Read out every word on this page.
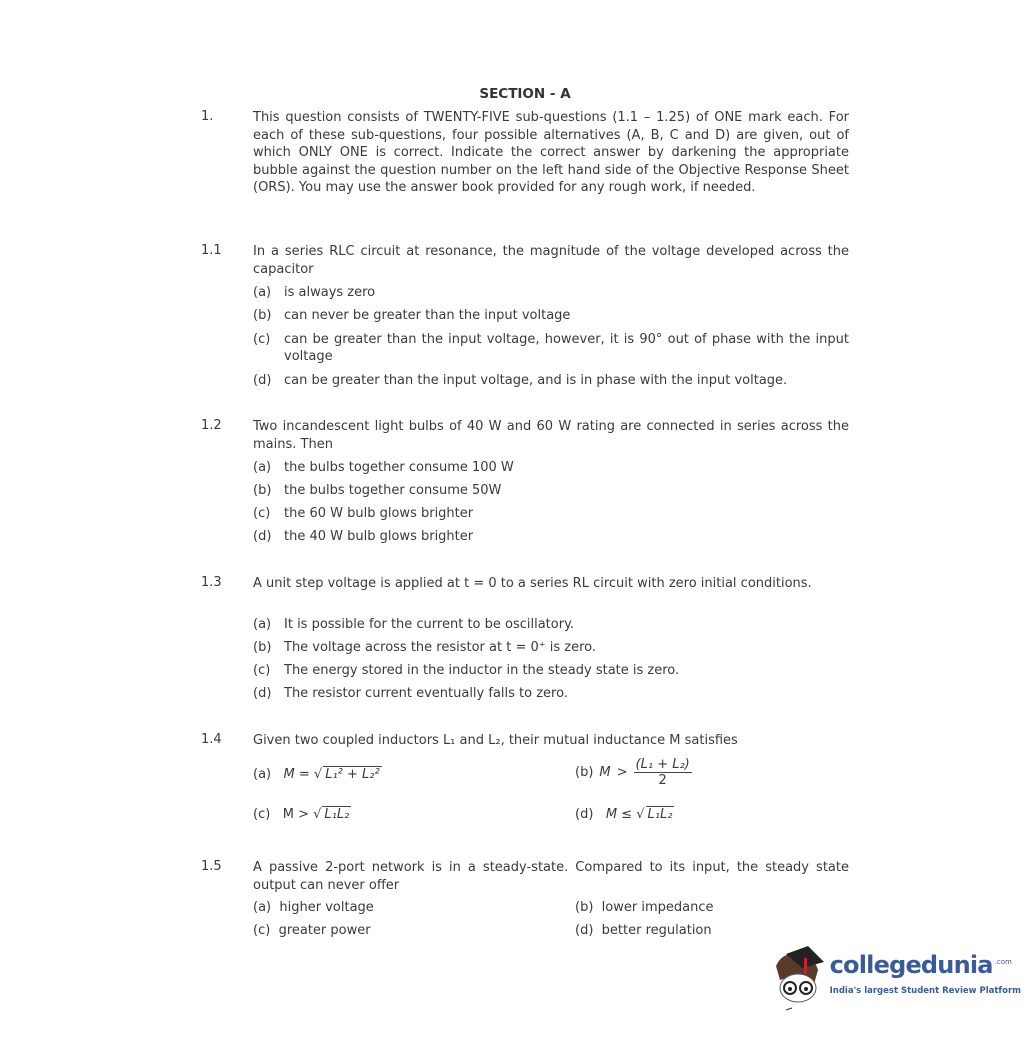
SECTION - A
1.	This question consists of TWENTY-FIVE sub-questions (1.1 – 1.25) of ONE mark each. For each of these sub-questions, four possible alternatives (A, B, C and D) are given, out of which ONLY ONE is correct. Indicate the correct answer by darkening the appropriate bubble against the question number on the left hand side of the Objective Response Sheet (ORS). You may use the answer book provided for any rough work, if needed.
1.1 In a series RLC circuit at resonance, the magnitude of the voltage developed across the capacitor
(a) is always zero
(b) can never be greater than the input voltage
(c) can be greater than the input voltage, however, it is 90° out of phase with the input voltage
(d) can be greater than the input voltage, and is in phase with the input voltage.
1.2 Two incandescent light bulbs of 40 W and 60 W rating are connected in series across the mains. Then
(a) the bulbs together consume 100 W
(b) the bulbs together consume 50W
(c) the 60 W bulb glows brighter
(d) the 40 W bulb glows brighter
1.3 A unit step voltage is applied at t = 0 to a series RL circuit with zero initial conditions.
(a) It is possible for the current to be oscillatory.
(b) The voltage across the resistor at t = 0⁺ is zero.
(c) The energy stored in the inductor in the steady state is zero.
(d) The resistor current eventually falls to zero.
1.4 Given two coupled inductors L₁ and L₂, their mutual inductance M satisfies
(a) M = √ L₁² + L₂²	(b) $M > \frac{\text{(L₁ + L₂)}}{2}$
(c) M > √ L₁L₂	(d) M ≤ √ L₁L₂
1.5 A passive 2-port network is in a steady-state. Compared to its input, the steady state output can never offer
(a) higher voltage	(b) lower impedance
(c) greater power	(d) better regulation
collegedunia .com
India's largest Student Review Platform
